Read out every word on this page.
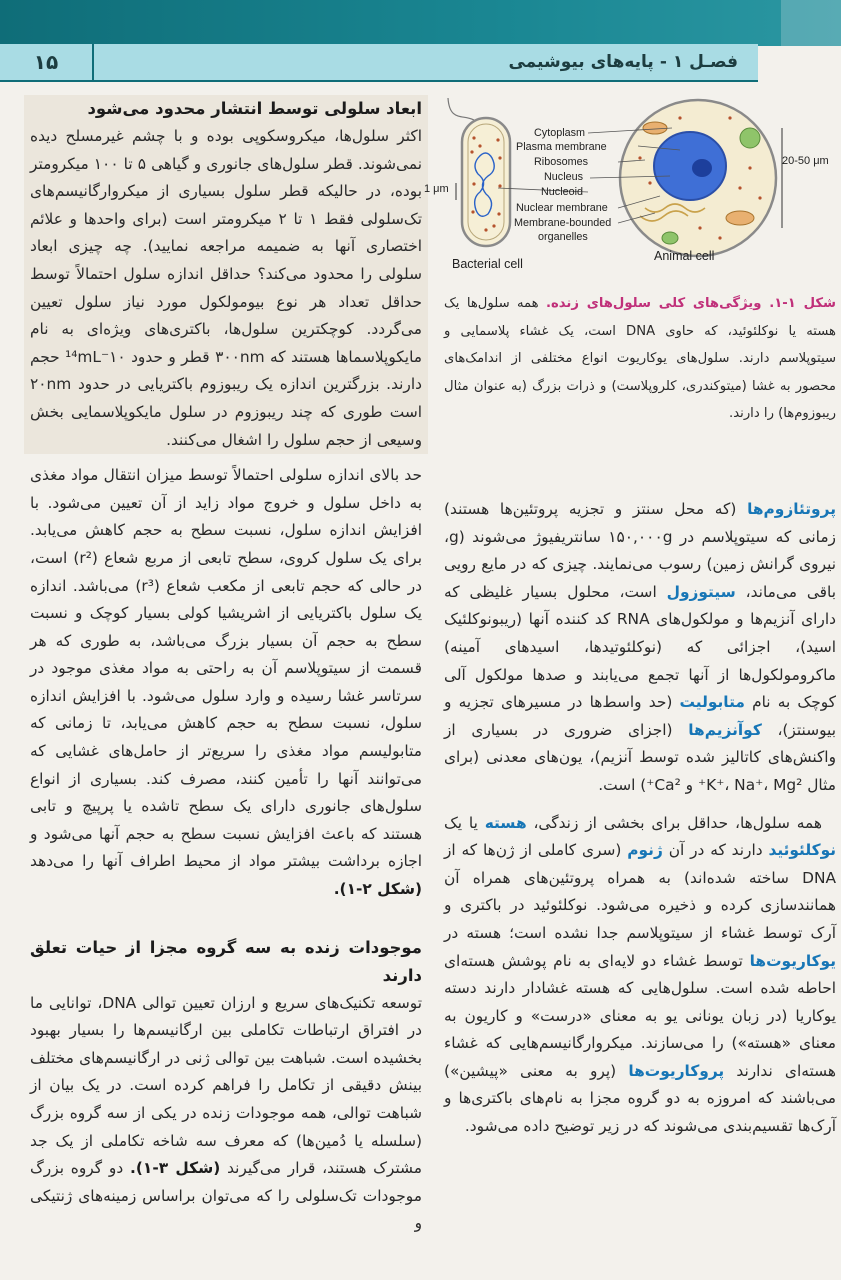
۱۵	فصـل ۱ -پایه‌های بیوشیمی
ابعاد سلولی توسط انتشار محدود می‌شود

اکثر سلول‌ها، میکروسکوپی بوده و با چشم غیرمسلح دیده نمی‌شوند. قطر سلول‌های جانوری و گیاهی ۵ تا ۱۰۰ میکرومتر بوده، در حالیکه قطر سلول بسیاری از میکروارگانیسم‌های تک‌سلولی فقط ۱ تا ۲ میکرومتر است (برای واحدها و علائم اختصاری آنها به ضمیمه مراجعه نمایید). چه چیزی ابعاد سلولی را محدود می‌کند؟ حداقل اندازه سلول احتمالاً توسط حداقل تعداد هر نوع بیومولکول مورد نیاز سلول تعیین می‌گردد. کوچکترین سلول‌ها، باکتری‌های ویژه‌ای به نام مایکوپلاسماها هستند که ۳۰۰nm قطر و حدود ۱۰⁻¹⁴mL حجم دارند. بزرگترین اندازه یک ریبوزوم باکتریایی در حدود ۲۰nm است طوری که چند ریبوزوم در سلول مایکوپلاسمایی بخش وسیعی از حجم سلول را اشغال می‌کنند.

حد بالای اندازه سلولی احتمالاً توسط میزان انتقال مواد مغذی به داخل سلول و خروج مواد زاید از آن تعیین می‌شود. با افزایش اندازه سلول، نسبت سطح به حجم کاهش می‌یابد. برای یک سلول کروی، سطح تابعی از مربع شعاع (r²) است، در حالی که حجم تابعی از مکعب شعاع (r³) می‌باشد. اندازه یک سلول باکتریایی از اشریشیا کولی بسیار کوچک و نسبت سطح به حجم آن بسیار بزرگ می‌باشد، به طوری که هر قسمت از سیتوپلاسم آن به راحتی به مواد مغذی موجود در سرتاسر غشا رسیده و وارد سلول می‌شود. با افزایش اندازه سلول، نسبت سطح به حجم کاهش می‌یابد، تا زمانی که متابولیسم مواد مغذی را سریع‌تر از حامل‌های غشایی که می‌توانند آنها را تأمین کنند، مصرف کند. بسیاری از انواع سلول‌های جانوری دارای یک سطح تاشده یا پرپیچ و تابی هستند که باعث افزایش نسبت سطح به حجم آنها می‌شود و اجازه برداشت بیشتر مواد از محیط اطراف آنها را می‌دهد (شکل ۲-۱).

موجودات زنده به سه گروه مجزا از حیات تعلق دارند

توسعه تکنیک‌های سریع و ارزان تعیین توالی DNA، توانایی ما در افتراق ارتباطات تکاملی بین ارگانیسم‌ها را بسیار بهبود بخشیده است. شباهت بین توالی ژنی در ارگانیسم‌های مختلف بینش دقیقی از تکامل را فراهم کرده است. در یک بیان از شباهت توالی، همه موجودات زنده در یکی از سه گروه بزرگ (سلسله یا دُمین‌ها) که معرف سه شاخه تکاملی از یک جد مشترک هستند، قرار می‌گیرند (شکل ۳-۱). دو گروه بزرگ موجودات تک‌سلولی را که می‌توان براساس زمینه‌های ژنتیکی و

1 μm
20-50 μm
Cytoplasm
Plasma membrane
Ribosomes
Nucleus
Nucleoid
Nuclear membrane
Membrane-bounded
organelles
Bacterial cell
Animal cell
شکل ۱-۱. ویژگی‌های کلی سلول‌های زنده. همه سلول‌ها یک هسته یا نوکلئوئید، که حاوی DNA است، یک غشاء پلاسمایی و سیتوپلاسم دارند. سلول‌های یوکاریوت انواع مختلفی از اندامک‌های محصور به غشا (میتوکندری، کلروپلاست) و ذرات بزرگ (به عنوان مثال ریبوزوم‌ها) را دارند.

پروتئازوم‌ها (که محل سنتز و تجزیه پروتئین‌ها هستند) زمانی که سیتوپلاسم در ۱۵۰,۰۰۰g سانتریفیوژ می‌شوند (g، نیروی گرانش زمین) رسوب می‌نمایند. چیزی که در مایع رویی باقی می‌ماند، سیتوزول است، محلول بسیار غلیظی که دارای آنزیم‌ها و مولکول‌های RNA کد کننده آنها (ریبونوکلئیک اسید)، اجزائی که (نوکلئوتیدها، اسیدهای آمینه) ماکرومولکول‌ها از آنها تجمع می‌یابند و صدها مولکول آلی کوچک به نام متابولیت (حد واسط‌ها در مسیرهای تجزیه و بیوسنتز)، کوآنزیم‌ها (اجزای ضروری در بسیاری از واکنش‌های کاتالیز شده توسط آنزیم)، یون‌های معدنی (برای مثال K⁺، Na⁺، Mg²⁺ و Ca²⁺) است.

همه سلول‌ها، حداقل برای بخشی از زندگی، هسته یا یک نوکلئوئید دارند که در آن ژنوم (سری کاملی از ژن‌ها که از DNA ساخته شده‌اند) به همراه پروتئین‌های همراه آن همانندسازی کرده و ذخیره می‌شود. نوکلئوئید در باکتری و آرک توسط غشاء از سیتوپلاسم جدا نشده است؛ هسته در یوکاریوت‌ها توسط غشاء دو لایه‌ای به نام پوشش هسته‌ای احاطه شده است. سلول‌هایی که هسته غشادار دارند دسته یوکاریا (در زبان یونانی یو به معنای «درست» و کاریون به معنای «هسته») را می‌سازند. میکروارگانیسم‌هایی که غشاء هسته‌ای ندارند پروکاریوت‌ها (پرو به معنی «پیشین») می‌باشند که امروزه به دو گروه مجزا به نام‌های باکتری‌ها و آرک‌ها تقسیم‌بندی می‌شوند که در زیر توضیح داده می‌شود.
